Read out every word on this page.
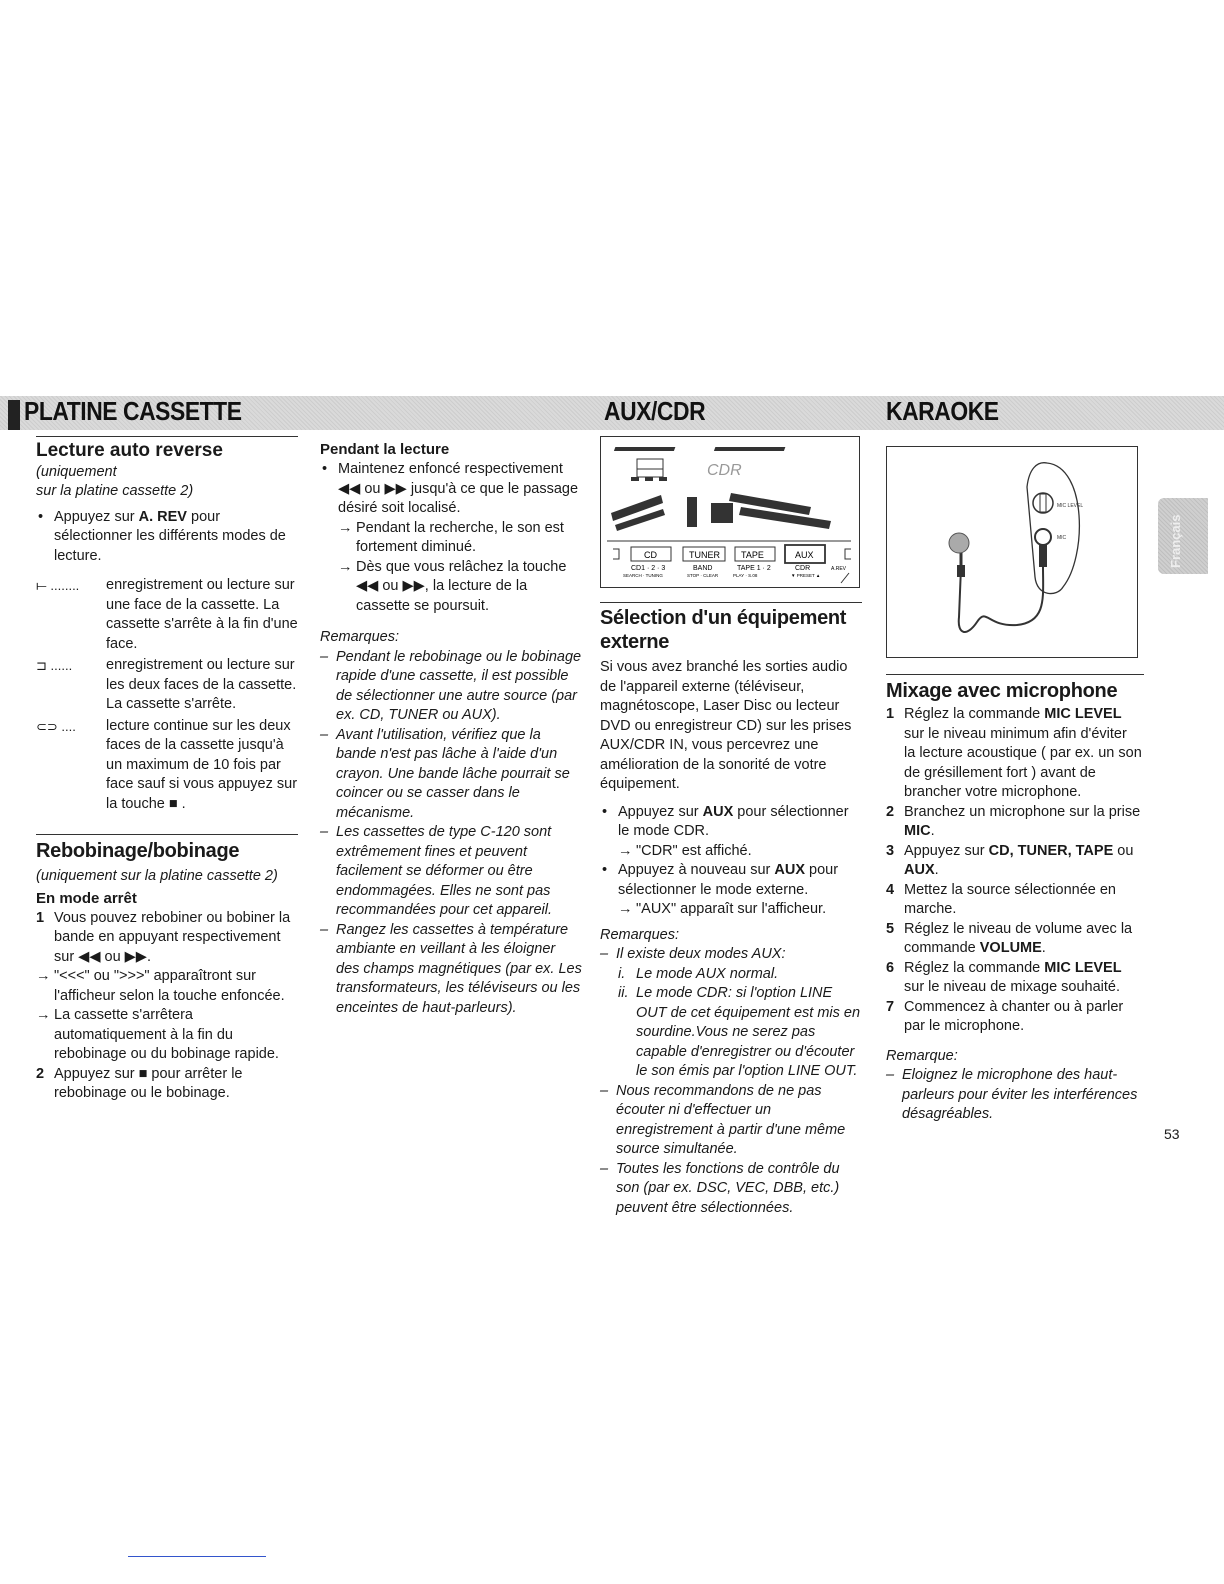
PLATINE CASSETTE	AUX/CDR	KARAOKE
Français

Lecture auto reverse (uniquement

sur la platine cassette 2)

• Appuyez sur A. REV pour sélectionner les différents modes de lecture.

⟝ ........	enregistrement ou lecture sur une face de la cassette. La cassette s'arrête à la fin d'une face.
⊐ ......	enregistrement ou lecture sur les deux faces de la cassette. La cassette s'arrête.
⊂⊃ ....	lecture continue sur les deux faces de la cassette jusqu'à un maximum de 10 fois par face sauf si vous appuyez sur la touche ■ .
Rebobinage/bobinage

(uniquement sur la platine cassette 2)

En mode arrêt

1 Vous pouvez rebobiner ou bobiner la bande en appuyant respectivement sur ◀◀ ou ▶▶.

→ "<<<" ou ">>>" apparaîtront sur l'afficheur selon la touche enfoncée.

→ La cassette s'arrêtera automatiquement à la fin du rebobinage ou du bobinage rapide.

2 Appuyez sur ■ pour arrêter le rebobinage ou le bobinage.

Pendant la lecture

• Maintenez enfoncé respectivement ◀◀ ou ▶▶ jusqu'à ce que le passage désiré soit localisé.

→ Pendant la recherche, le son est fortement diminué.

→ Dès que vous relâchez la touche ◀◀ ou ▶▶, la lecture de la cassette se poursuit.

Remarques:

– Pendant le rebobinage ou le bobinage rapide d'une cassette, il est possible de sélectionner une autre source (par ex. CD, TUNER ou AUX).

– Avant l'utilisation, vérifiez que la bande n'est pas lâche à l'aide d'un crayon. Une bande lâche pourrait se coincer ou se casser dans le mécanisme.

– Les cassettes de type C-120 sont extrêmement fines et peuvent facilement se déformer ou être endommagées. Elles ne sont pas recommandées pour cet appareil.

– Rangez les cassettes à température ambiante en veillant à les éloigner des champs magnétiques (par ex. Les transformateurs, les téléviseurs ou les enceintes de haut-parleurs).

CDR
CD	TUNER TAPE	AUX
CD1 · 2 · 3	BAND	TAPE 1 · 2	CDR	A.REV
SEARCH · TUNING	STOP · CLEAR	PLAY · S.08	▼ PRESET ▲
Sélection d'un équipement externe

Si vous avez branché les sorties audio de l'appareil externe (téléviseur, magnétoscope, Laser Disc ou lecteur DVD ou enregistreur CD) sur les prises AUX/CDR IN, vous percevrez une amélioration de la sonorité de votre équipement.

• Appuyez sur AUX pour sélectionner le mode CDR.

→ "CDR" est affiché.

• Appuyez à nouveau sur AUX pour sélectionner le mode externe.

→ "AUX" apparaît sur l'afficheur.

Remarques:

– Il existe deux modes AUX:

i. Le mode AUX normal.

ii. Le mode CDR: si l'option LINE OUT de cet équipement est mis en sourdine.Vous ne serez pas capable d'enregistrer ou d'écouter le son émis par l'option LINE OUT.

– Nous recommandons de ne pas écouter ni d'effectuer un enregistrement à partir d'une même source simultanée.

– Toutes les fonctions de contrôle du son (par ex. DSC, VEC, DBB, etc.) peuvent être sélectionnées.

MIC LEVEL
MIC
Mixage avec microphone

1 Réglez la commande MIC LEVEL sur le niveau minimum afin d'éviter la lecture acoustique ( par ex. un son de grésillement fort ) avant de brancher votre microphone.

2 Branchez un microphone sur la prise MIC.

3 Appuyez sur CD, TUNER, TAPE ou AUX.

4 Mettez la source sélectionnée en marche.

5 Réglez le niveau de volume avec la commande VOLUME.

6 Réglez la commande MIC LEVEL sur le niveau de mixage souhaité.

7 Commencez à chanter ou à parler par le microphone.

Remarque:

– Eloignez le microphone des haut-parleurs pour éviter les interférences désagréables.

53
